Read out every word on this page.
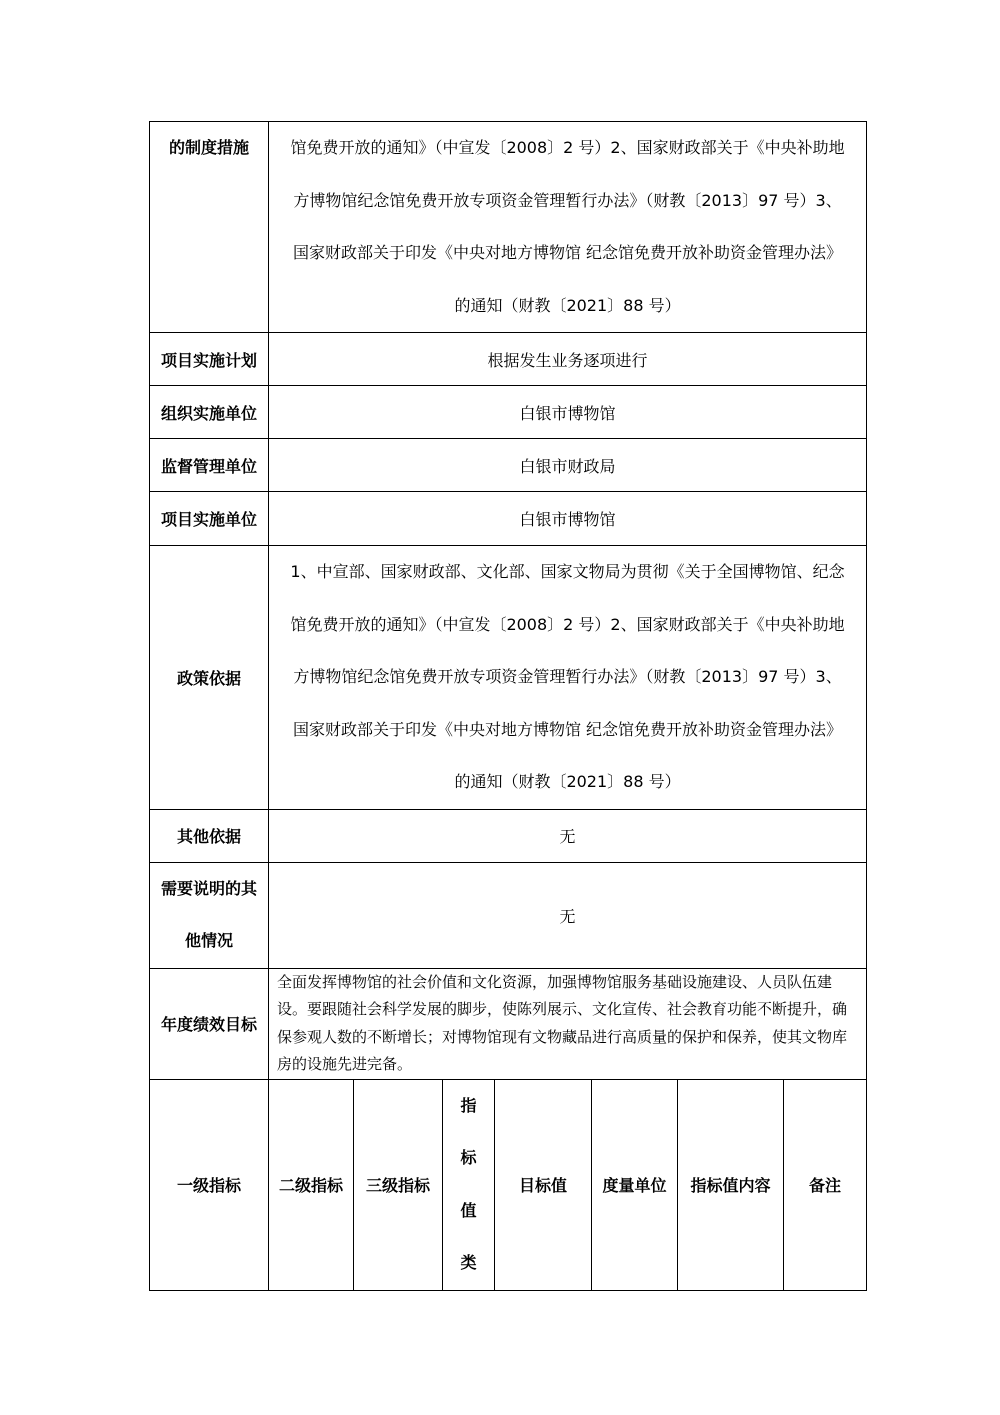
的制度措施	馆免费开放的通知》（中宣发〔2008〕2 号）2、国家财政部关于《中央补助地
方博物馆纪念馆免费开放专项资金管理暂行办法》（财教〔2013〕97 号）3、
国家财政部关于印发《中央对地方博物馆 纪念馆免费开放补助资金管理办法》
的通知（财教〔2021〕88 号）						

项目实施计划	根据发生业务逐项进行						
组织实施单位	白银市博物馆						
监督管理单位	白银市财政局						
项目实施单位	白银市博物馆						
政策依据	1、中宣部、国家财政部、文化部、国家文物局为贯彻《关于全国博物馆、纪念
馆免费开放的通知》（中宣发〔2008〕2 号）2、国家财政部关于《中央补助地
方博物馆纪念馆免费开放专项资金管理暂行办法》（财教〔2013〕97 号）3、
国家财政部关于印发《中央对地方博物馆 纪念馆免费开放补助资金管理办法》
的通知（财教〔2021〕88 号）						

其他依据	无						

需要说明的其
他情况	无						
年度绩效目标	全面发挥博物馆的社会价值和文化资源，加强博物馆服务基础设施建设、人员队伍建设。要跟随社会科学发展的脚步，使陈列展示、文化宣传、社会教育功能不断提升，确保参观人数的不断增长；对博物馆现有文物藏品进行高质量的保护和保养，使其文物库房的设施先进完备。						
一级指标	二级指标	三级指标	指
标
值
类	目标值	度量单位	指标值内容	备注
